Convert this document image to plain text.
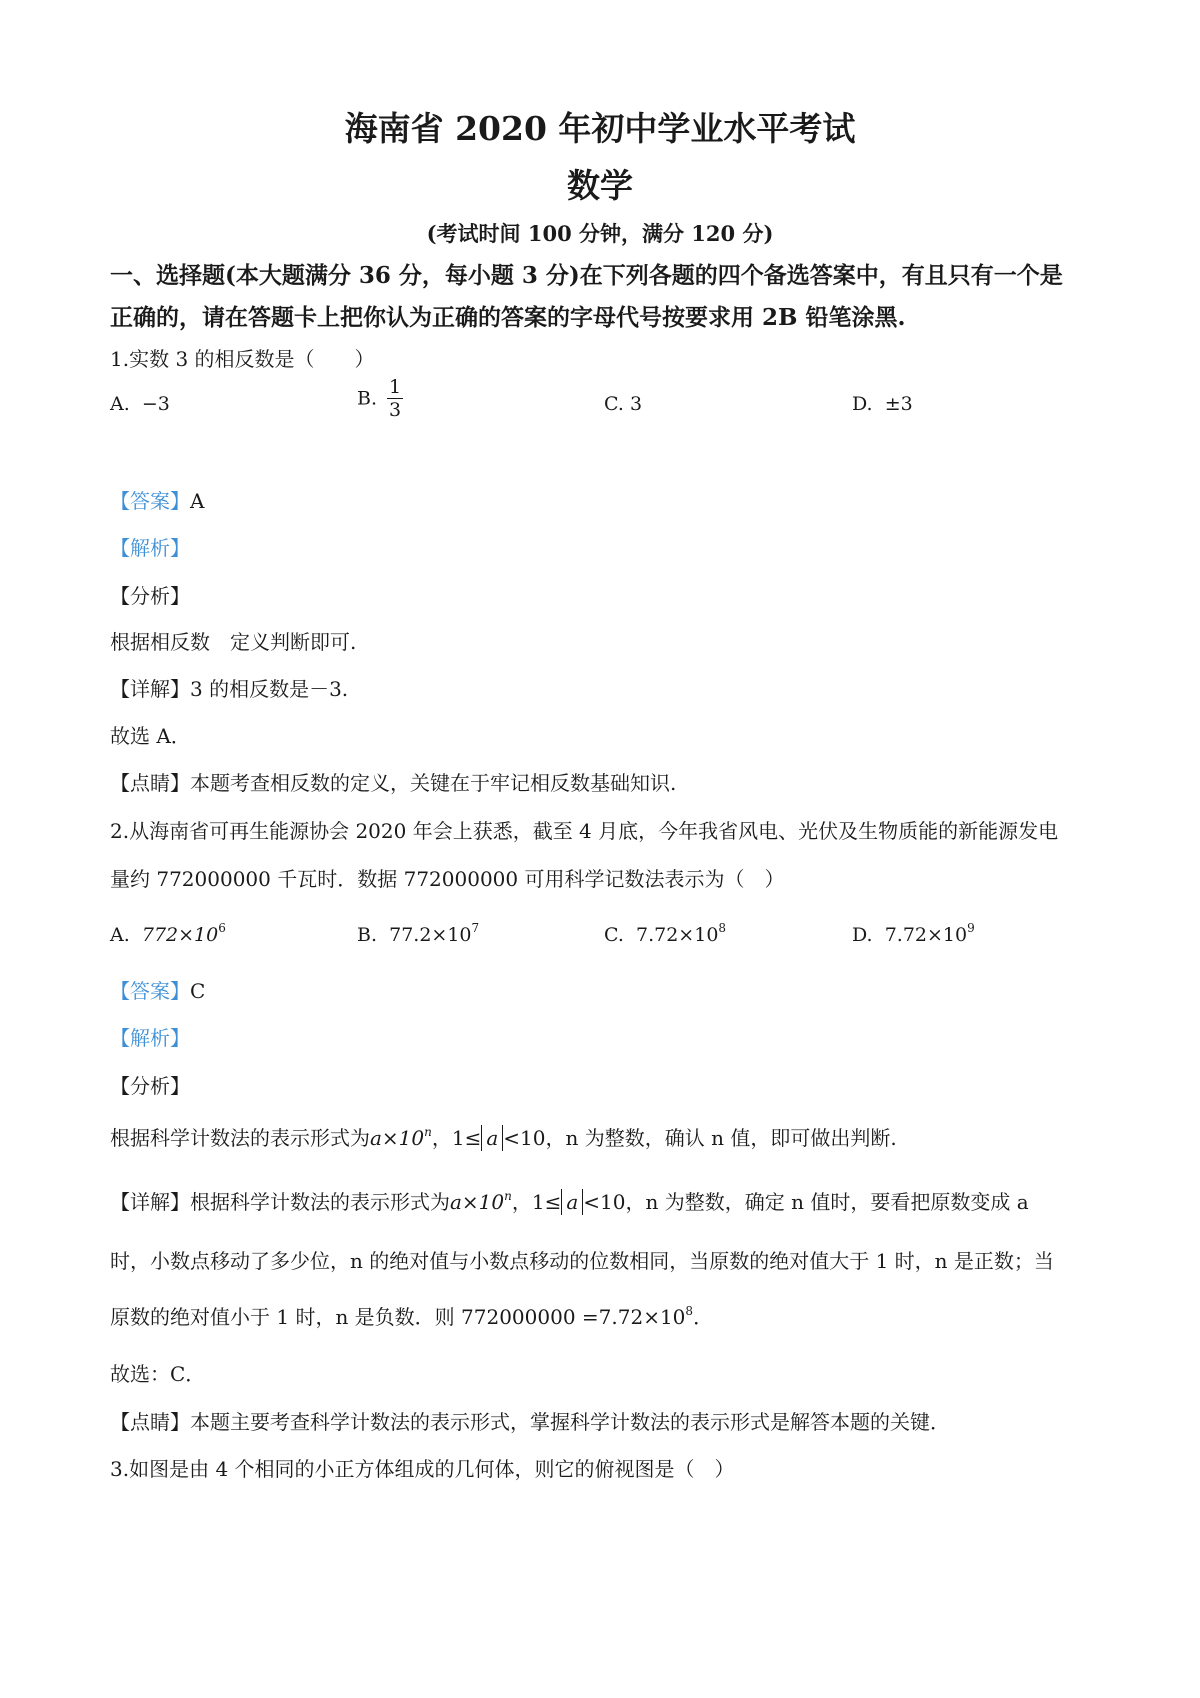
海南省 2020 年初中学业水平考试
数学
(考试时间 100 分钟，满分 120 分)
一、选择题(本大题满分 36 分，每小题 3 分)在下列各题的四个备选答案中，有且只有一个是
正确的，请在答题卡上把你认为正确的答案的字母代号按要求用 2B 铅笔涂黑.
1.实数 3 的相反数是（　　）
A. −3	B. $\frac{1}{3}$	C. 3	D. ±3
【答案】A
【解析】
【分析】
根据相反数　定义判断即可.
【详解】3 的相反数是－3.
故选 A．
【点睛】本题考查相反数的定义，关键在于牢记相反数基础知识.
2.从海南省可再生能源协会 2020 年会上获悉，截至 4 月底，今年我省风电、光伏及生物质能的新能源发电
量约 772000000 千瓦时．数据 772000000 可用科学记数法表示为（　）
A. $772\times 10^6$	B. $77.2\times 10^7$	C. $7.72\times 10^8$	D. $7.72\times 10^9$
【答案】C
【解析】
【分析】
根据科学计数法的表示形式为$a\times 10^n$，1≤ a <10，n 为整数，确认 n 值，即可做出判断.
【详解】根据科学计数法的表示形式为$a\times 10^n$，1≤ a <10，n 为整数，确定 n 值时，要看把原数变成 a
时，小数点移动了多少位，n 的绝对值与小数点移动的位数相同，当原数的绝对值大于 1 时，n 是正数；当
原数的绝对值小于 1 时，n 是负数．则 $772000000 =7.72\times 10^8$．
故选：C．
【点睛】本题主要考查科学计数法的表示形式，掌握科学计数法的表示形式是解答本题的关键．
3.如图是由 4 个相同的小正方体组成的几何体，则它的俯视图是（　）
